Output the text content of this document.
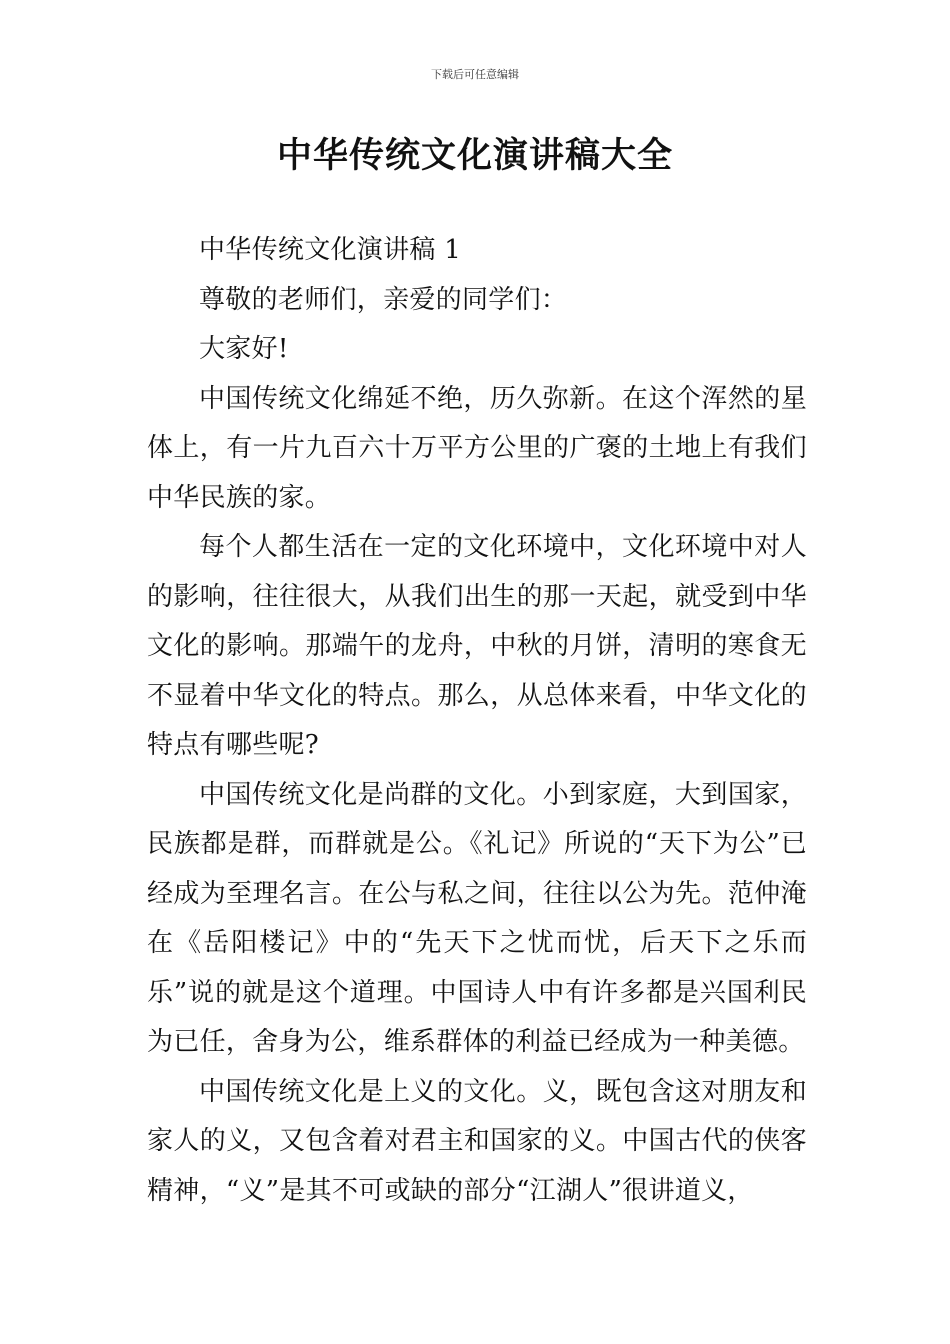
下载后可任意编辑
中华传统文化演讲稿大全

中华传统文化演讲稿 1

尊敬的老师们，亲爱的同学们：

大家好!

中国传统文化绵延不绝，历久弥新。在这个浑然的星体上，有一片九百六十万平方公里的广褒的土地上有我们中华民族的家。

每个人都生活在一定的文化环境中，文化环境中对人的影响，往往很大，从我们出生的那一天起，就受到中华文化的影响。那端午的龙舟，中秋的月饼，清明的寒食无不显着中华文化的特点。那么，从总体来看，中华文化的特点有哪些呢?

中国传统文化是尚群的文化。小到家庭，大到国家，民族都是群，而群就是公。《礼记》所说的“天下为公”已经成为至理名言。在公与私之间，往往以公为先。范仲淹在《岳阳楼记》中的“先天下之忧而忧，后天下之乐而乐”说的就是这个道理。中国诗人中有许多都是兴国利民为已任，舍身为公，维系群体的利益已经成为一种美德。

中国传统文化是上义的文化。义，既包含这对朋友和家人的义，又包含着对君主和国家的义。中国古代的侠客精神，“义”是其不可或缺的部分“江湖人”很讲道义，
